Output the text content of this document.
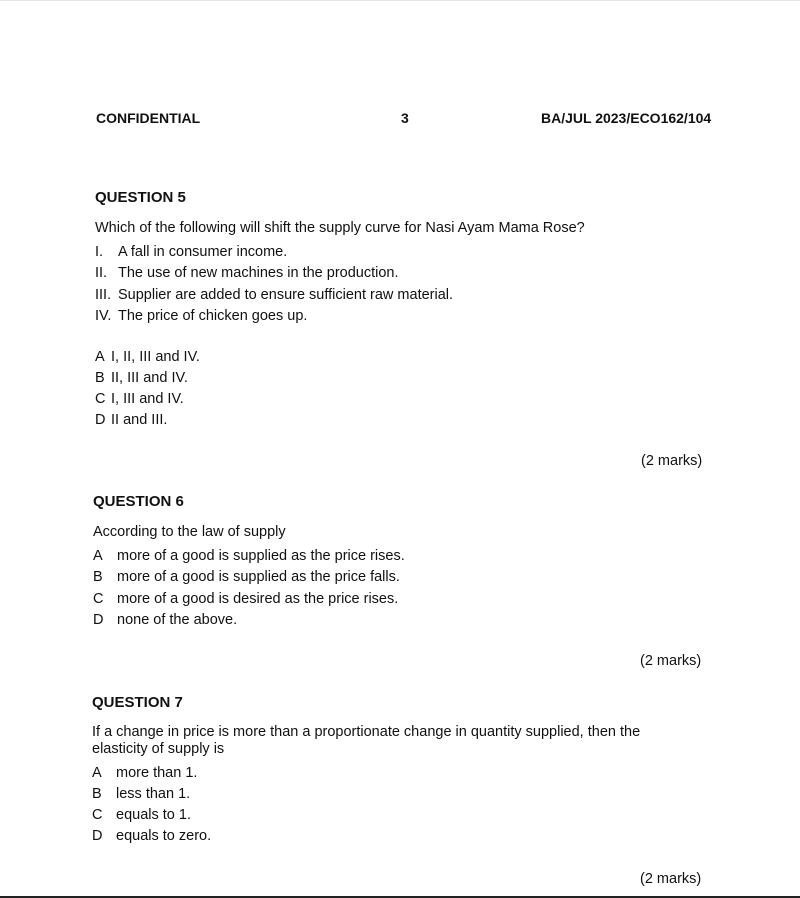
CONFIDENTIAL	3	BA/JUL 2023/ECO162/104
QUESTION 5
Which of the following will shift the supply curve for Nasi Ayam Mama Rose?
I. A fall in consumer income.
II. The use of new machines in the production.
III. Supplier are added to ensure sufficient raw material.
IV. The price of chicken goes up.
A I, II, III and IV.
B II, III and IV.
C I, III and IV.
D II and III.
(2 marks)
QUESTION 6
According to the law of supply
A more of a good is supplied as the price rises.
B more of a good is supplied as the price falls.
C more of a good is desired as the price rises.
D none of the above.
(2 marks)
QUESTION 7
If a change in price is more than a proportionate change in quantity supplied, then the elasticity of supply is
A more than 1.
B less than 1.
C equals to 1.
D equals to zero.
(2 marks)
